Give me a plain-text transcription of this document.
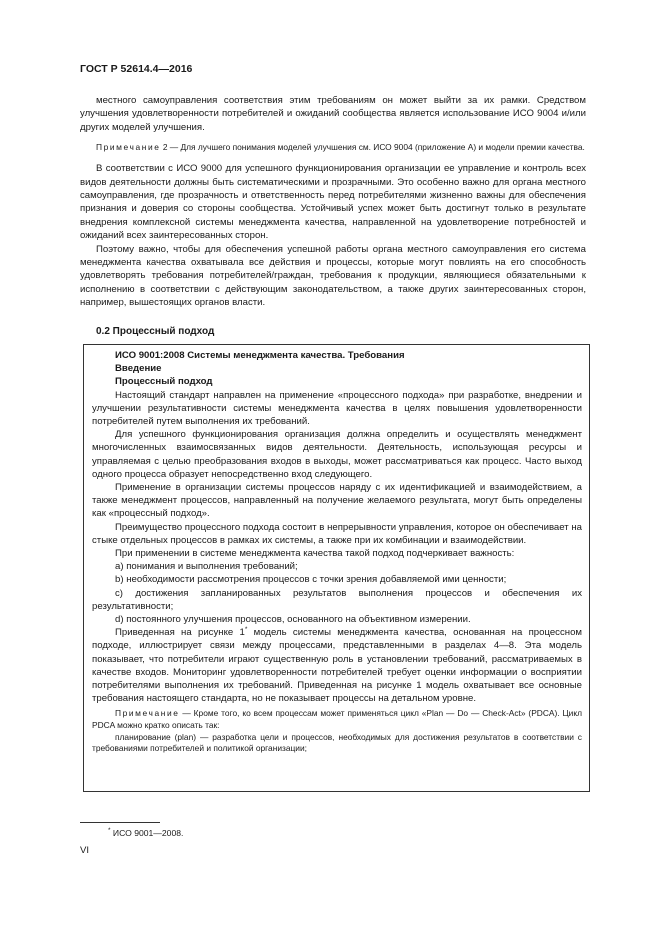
ГОСТ Р 52614.4—2016

местного самоуправления соответствия этим требованиям он может выйти за их рамки. Средством улучшения удовлетворенности потребителей и ожиданий сообщества является использование ИСО 9004 и/или других моделей улучшения.

Примечание 2 — Для лучшего понимания моделей улучшения см. ИСО 9004 (приложение А) и модели премии качества.

В соответствии с ИСО 9000 для успешного функционирования организации ее управление и контроль всех видов деятельности должны быть систематическими и прозрачными. Это особенно важно для органа местного самоуправления, где прозрачность и ответственность перед потребителями жизненно важны для обеспечения признания и доверия со стороны сообщества. Устойчивый успех может быть достигнут только в результате внедрения комплексной системы менеджмента качества, направленной на удовлетворение потребностей и ожиданий всех заинтересованных сторон.

Поэтому важно, чтобы для обеспечения успешной работы органа местного самоуправления его система менеджмента качества охватывала все действия и процессы, которые могут повлиять на его способность удовлетворять требования потребителей/граждан, требования к продукции, являющиеся обязательными к исполнению в соответствии с действующим законодательством, а также других заинтересованных сторон, например, вышестоящих органов власти.

0.2 Процессный подход

ИСО 9001:2008 Системы менеджмента качества. Требования

Введение

Процессный подход

Настоящий стандарт направлен на применение «процессного подхода» при разработке, внедрении и улучшении результативности системы менеджмента качества в целях повышения удовлетворенности потребителей путем выполнения их требований.

Для успешного функционирования организация должна определить и осуществлять менеджмент многочисленных взаимосвязанных видов деятельности. Деятельность, использующая ресурсы и управляемая с целью преобразования входов в выходы, может рассматриваться как процесс. Часто выход одного процесса образует непосредственно вход следующего.

Применение в организации системы процессов наряду с их идентификацией и взаимодействием, а также менеджмент процессов, направленный на получение желаемого результата, могут быть определены как «процессный подход».

Преимущество процессного подхода состоит в непрерывности управления, которое он обеспечивает на стыке отдельных процессов в рамках их системы, а также при их комбинации и взаимодействии.

При применении в системе менеджмента качества такой подход подчеркивает важность:

а) понимания и выполнения требований;

b) необходимости рассмотрения процессов с точки зрения добавляемой ими ценности;

c) достижения запланированных результатов выполнения процессов и обеспечения их результативности;

d) постоянного улучшения процессов, основанного на объективном измерении.

Приведенная на рисунке 1* модель системы менеджмента качества, основанная на процессном подходе, иллюстрирует связи между процессами, представленными в разделах 4—8. Эта модель показывает, что потребители играют существенную роль в установлении требований, рассматриваемых в качестве входов. Мониторинг удовлетворенности потребителей требует оценки информации о восприятии потребителями выполнения их требований. Приведенная на рисунке 1 модель охватывает все основные требования настоящего стандарта, но не показывает процессы на детальном уровне.

Примечание — Кроме того, ко всем процессам может применяться цикл «Plan — Do — Check-Act» (PDCA). Цикл PDCA можно кратко описать так:

планирование (plan) — разработка цели и процессов, необходимых для достижения результатов в соответствии с требованиями потребителей и политикой организации;

* ИСО 9001—2008.
VI
